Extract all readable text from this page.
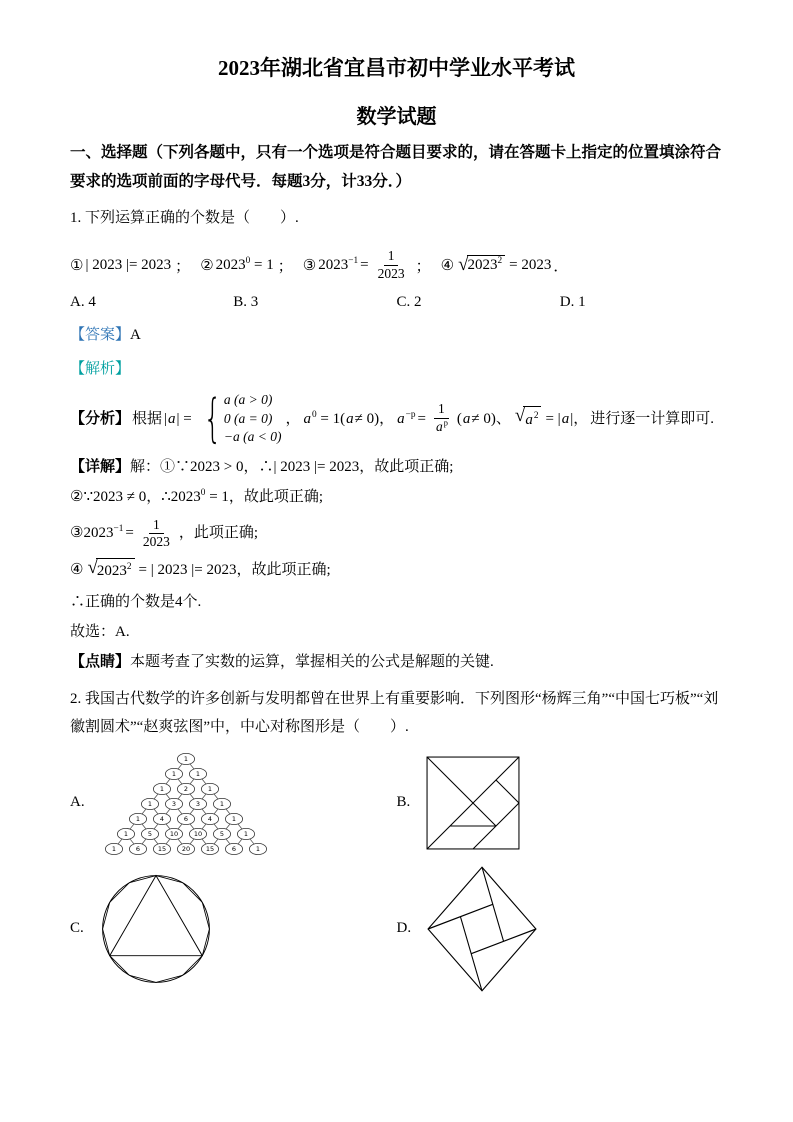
2023年湖北省宜昌市初中学业水平考试
数学试题
一、选择题（下列各题中，只有一个选项是符合题目要求的，请在答题卡上指定的位置填涂符合要求的选项前面的字母代号．每题3分，计33分．）
1. 下列运算正确的个数是（　　）.
① | 2023 |= 2023 ； ② $2023^0 = 1$ ； ③ $2023^{-1} = \frac{1}{2023}$ ； ④ √ $2023^2 = 2023$ ．
A. 4	B. 3	C. 2	D. 1
【答案】A
【解析】
【分析】 根据 |a| = { a (a > 0)
0 (a = 0)
−a (a < 0)
， $a^0 = 1(a\ne 0)$， $a^{-p} = \frac{1}{a^p} (a\ne 0)$、 √ $a^2 = |a|$， 进行逐一计算即可.
【详解】解：①∵2023 > 0，∴| 2023 |= 2023，故此项正确;
②∵2023 ≠ 0，$\therefore 2023^0 = 1$，故此项正确;
$③2023^{-1} = \frac{1}{2023}$ ，此项正确;
④ √ $2023^2$ = | 2023 |= 2023，故此项正确;
∴正确的个数是4个.
故选：A.
【点睛】本题考查了实数的运算，掌握相关的公式是解题的关键.
2. 我国古代数学的许多创新与发明都曾在世界上有重要影响．下列图形“杨辉三角”“中国七巧板”“刘徽割圆术”“赵爽弦图”中，中心对称图形是（　　）.
A.
1
1	1
1	2	1
1	3	3	1
1	4	6	4	1
1	5	10 10	5	1
1	6	15 20 15	6	1
B.
C.	D.
